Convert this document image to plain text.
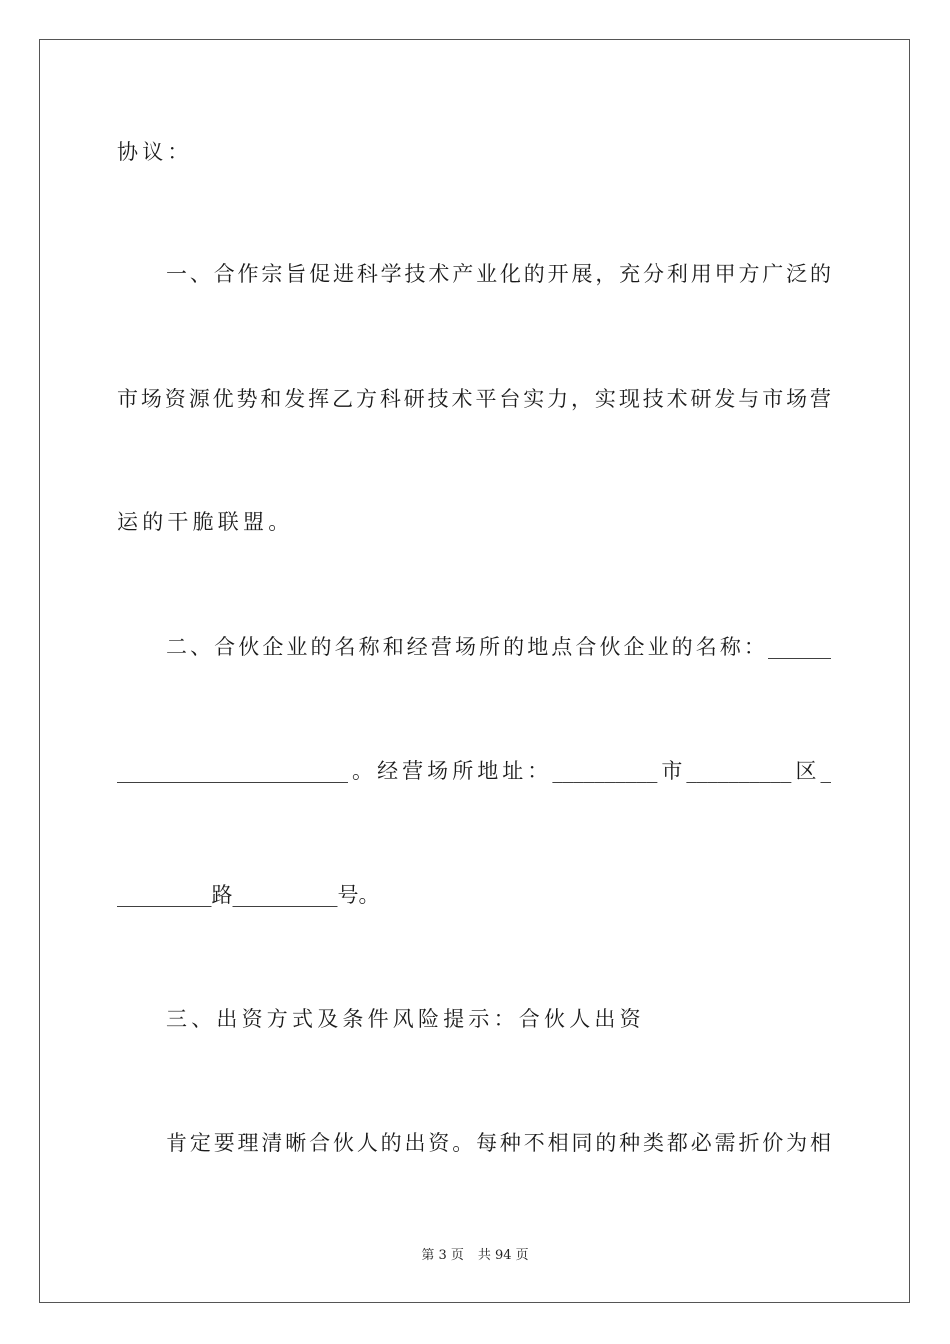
协议：
一、合作宗旨促进科学技术产业化的开展，充分利用甲方广泛的
市场资源优势和发挥乙方科研技术平台实力，实现技术研发与市场营
运的干脆联盟。
二、合伙企业的名称和经营场所的地点合伙企业的名称：______
______________________。经营场所地址：__________市__________区_
_________路__________号。
三、出资方式及条件风险提示：合伙人出资
肯定要理清晰合伙人的出资。每种不相同的种类都必需折价为相
第 3 页 共 94 页
